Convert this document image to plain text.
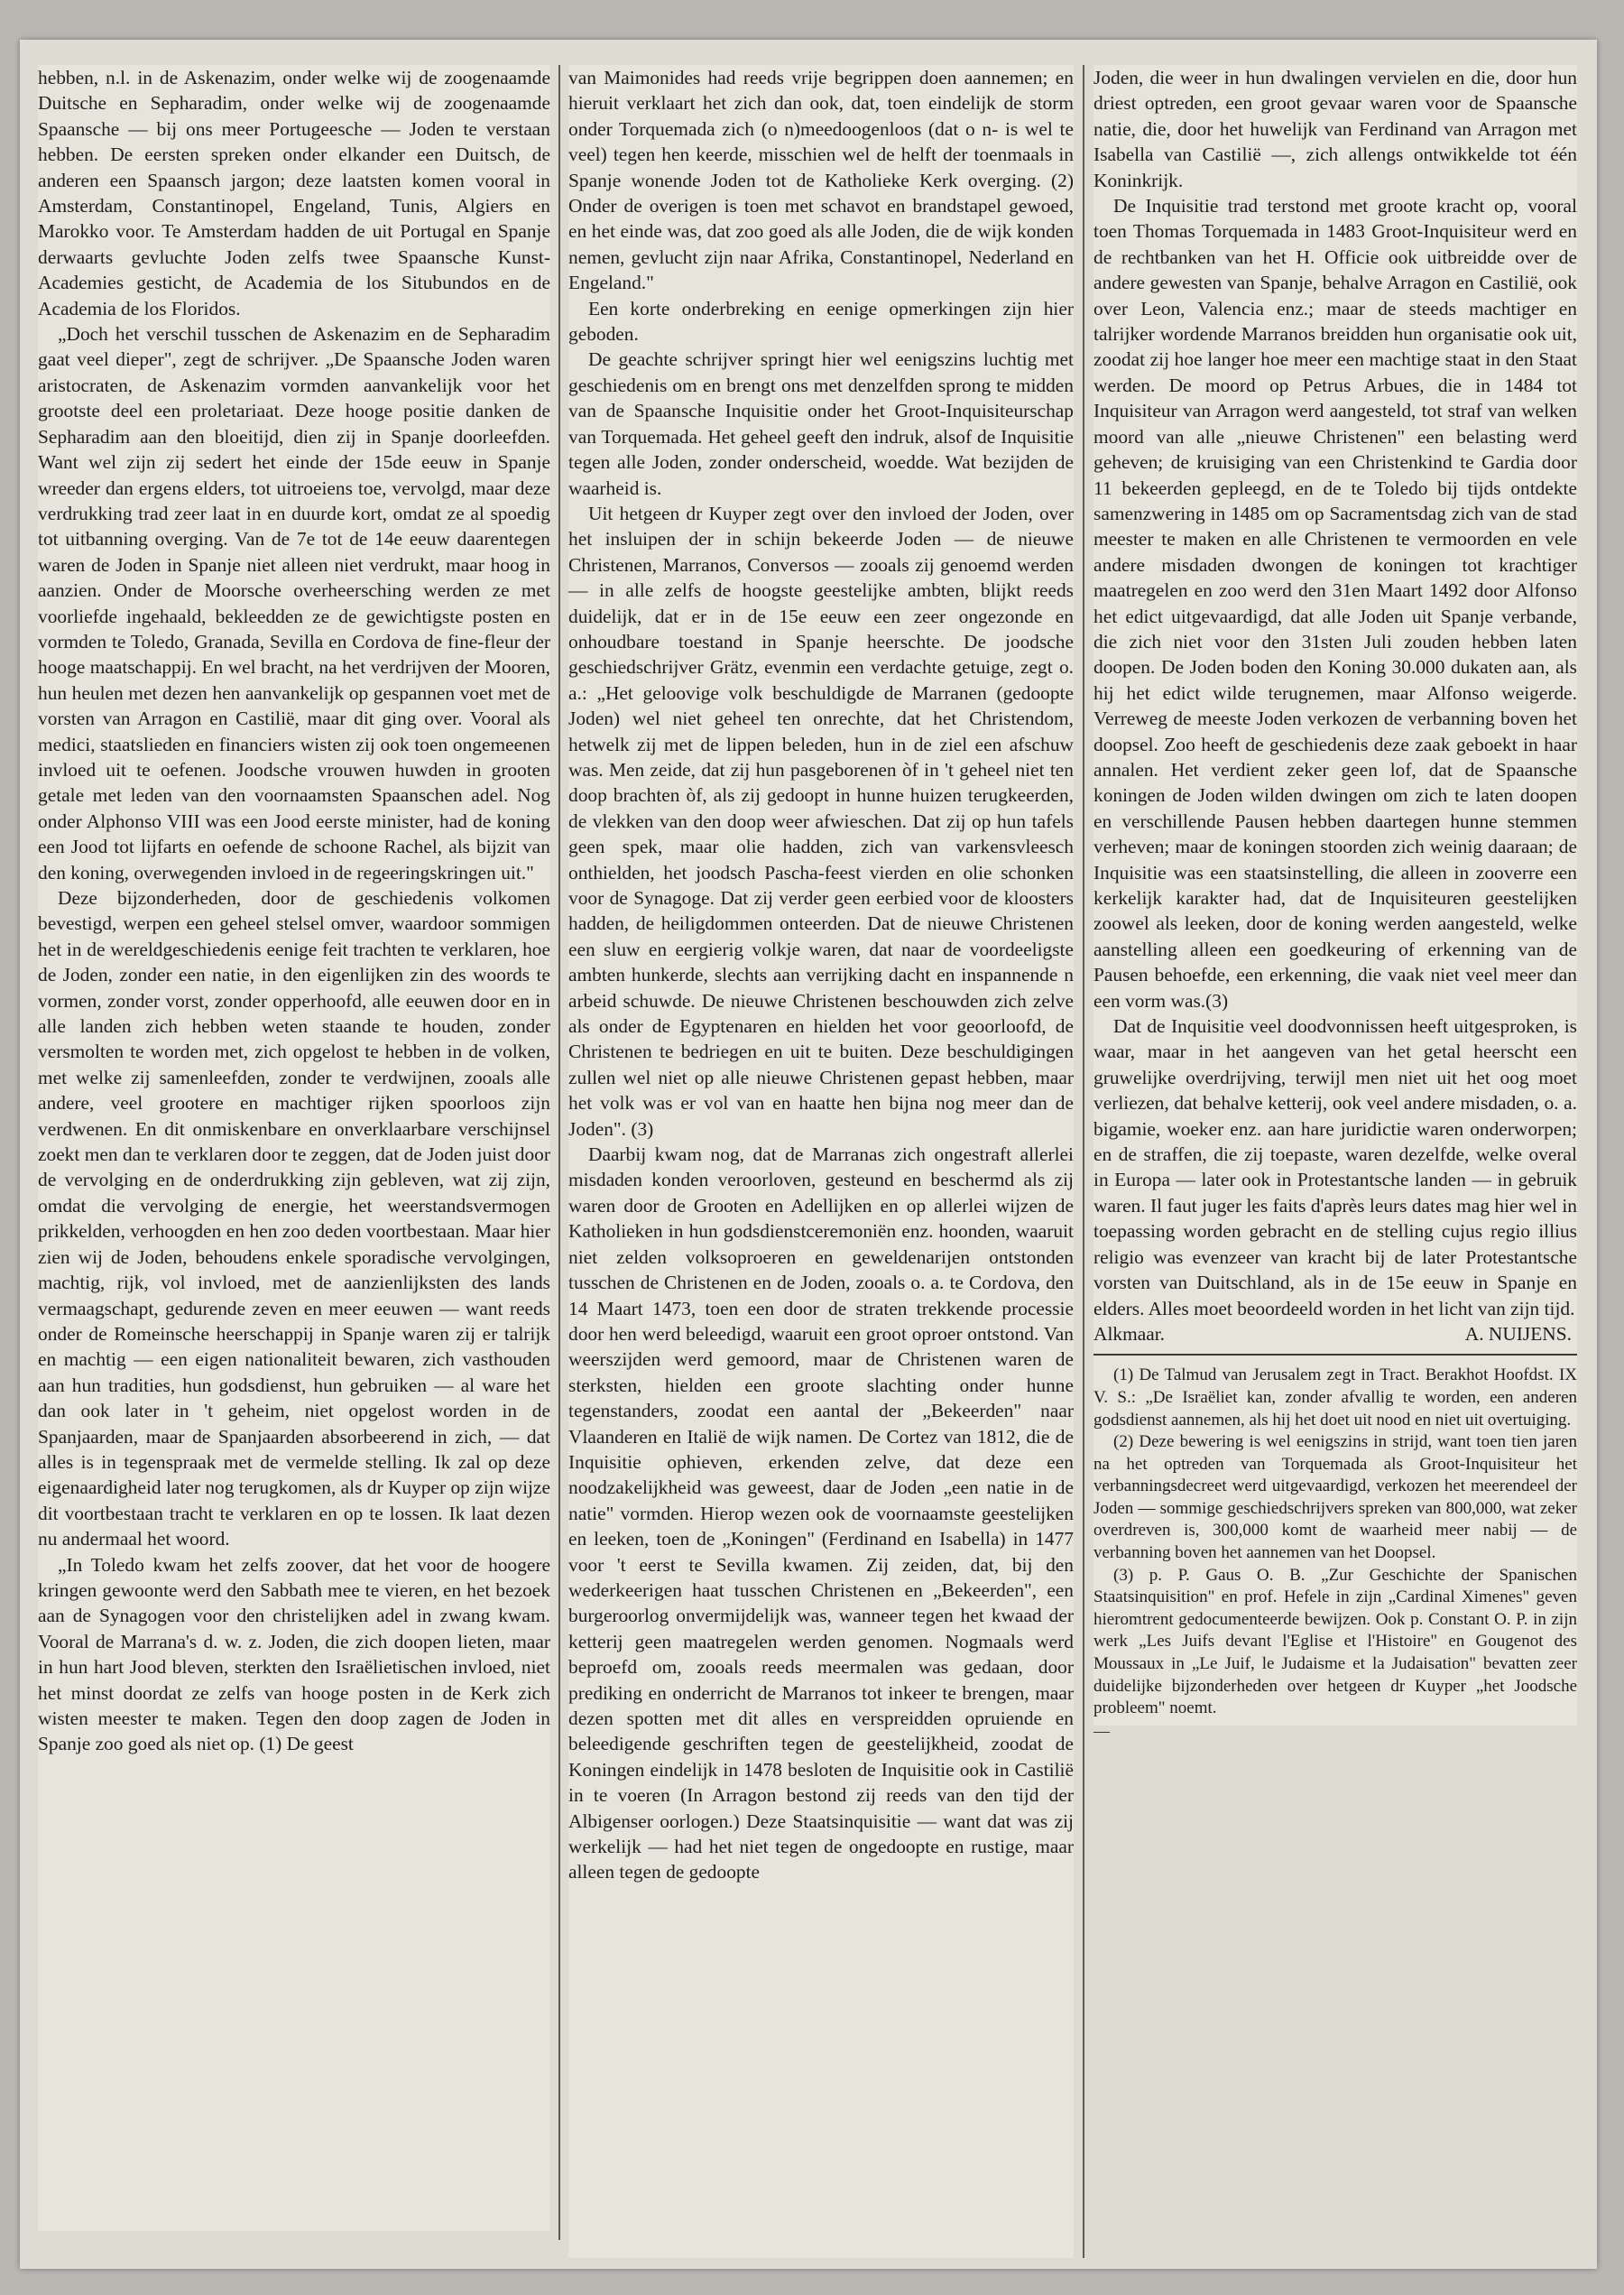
hebben, n.l. in de Askenazim, onder welke wij de zoogenaamde Duitsche en Sepharadim, onder welke wij de zoogenaamde Spaansche — bij ons meer Portugeesche — Joden te verstaan hebben. De eersten spreken onder elkander een Duitsch, de anderen een Spaansch jargon; deze laatsten komen vooral in Amsterdam, Constantinopel, Engeland, Tunis, Algiers en Marokko voor. Te Amsterdam hadden de uit Portugal en Spanje derwaarts gevluchte Joden zelfs twee Spaansche Kunst-Academies gesticht, de Academia de los Situbundos en de Academia de los Floridos.

„Doch het verschil tusschen de Askenazim en de Sepharadim gaat veel dieper", zegt de schrijver. „De Spaansche Joden waren aristocraten, de Askenazim vormden aanvankelijk voor het grootste deel een proletariaat. Deze hooge positie danken de Sepharadim aan den bloeitijd, dien zij in Spanje doorleefden. Want wel zijn zij sedert het einde der 15de eeuw in Spanje wreeder dan ergens elders, tot uitroeiens toe, vervolgd, maar deze verdrukking trad zeer laat in en duurde kort, omdat ze al spoedig tot uitbanning overging. Van de 7e tot de 14e eeuw daarentegen waren de Joden in Spanje niet alleen niet verdrukt, maar hoog in aanzien. Onder de Moorsche overheersching werden ze met voorliefde ingehaald, bekleedden ze de gewichtigste posten en vormden te Toledo, Granada, Sevilla en Cordova de fine-fleur der hooge maatschappij. En wel bracht, na het verdrijven der Mooren, hun heulen met dezen hen aanvankelijk op gespannen voet met de vorsten van Arragon en Castilië, maar dit ging over. Vooral als medici, staatslieden en financiers wisten zij ook toen ongemeenen invloed uit te oefenen. Joodsche vrouwen huwden in grooten getale met leden van den voornaamsten Spaanschen adel. Nog onder Alphonso VIII was een Jood eerste minister, had de koning een Jood tot lijfarts en oefende de schoone Rachel, als bijzit van den koning, overwegenden invloed in de regeeringskringen uit."

Deze bijzonderheden, door de geschiedenis volkomen bevestigd, werpen een geheel stelsel omver, waardoor sommigen het in de wereldgeschiedenis eenige feit trachten te verklaren, hoe de Joden, zonder een natie, in den eigenlijken zin des woords te vormen, zonder vorst, zonder opperhoofd, alle eeuwen door en in alle landen zich hebben weten staande te houden, zonder versmolten te worden met, zich opgelost te hebben in de volken, met welke zij samenleefden, zonder te verdwijnen, zooals alle andere, veel grootere en machtiger rijken spoorloos zijn verdwenen. En dit onmiskenbare en onverklaarbare verschijnsel zoekt men dan te verklaren door te zeggen, dat de Joden juist door de vervolging en de onderdrukking zijn gebleven, wat zij zijn, omdat die vervolging de energie, het weerstandsvermogen prikkelden, verhoogden en hen zoo deden voortbestaan. Maar hier zien wij de Joden, behoudens enkele sporadische vervolgingen, machtig, rijk, vol invloed, met de aanzienlijksten des lands vermaagschapt, gedurende zeven en meer eeuwen — want reeds onder de Romeinsche heerschappij in Spanje waren zij er talrijk en machtig — een eigen nationaliteit bewaren, zich vasthouden aan hun tradities, hun godsdienst, hun gebruiken — al ware het dan ook later in 't geheim, niet opgelost worden in de Spanjaarden, maar de Spanjaarden absorbeerend in zich, — dat alles is in tegenspraak met de vermelde stelling. Ik zal op deze eigenaardigheid later nog terugkomen, als dr Kuyper op zijn wijze dit voortbestaan tracht te verklaren en op te lossen. Ik laat dezen nu andermaal het woord.

„In Toledo kwam het zelfs zoover, dat het voor de hoogere kringen gewoonte werd den Sabbath mee te vieren, en het bezoek aan de Synagogen voor den christelijken adel in zwang kwam. Vooral de Marrana's d. w. z. Joden, die zich doopen lieten, maar in hun hart Jood bleven, sterkten den Israëlietischen invloed, niet het minst doordat ze zelfs van hooge posten in de Kerk zich wisten meester te maken. Tegen den doop zagen de Joden in Spanje zoo goed als niet op. (1) De geest

van Maimonides had reeds vrije begrippen doen aannemen; en hieruit verklaart het zich dan ook, dat, toen eindelijk de storm onder Torquemada zich (o n)meedoogenloos (dat o n- is wel te veel) tegen hen keerde, misschien wel de helft der toenmaals in Spanje wonende Joden tot de Katholieke Kerk overging. (2) Onder de overigen is toen met schavot en brandstapel gewoed, en het einde was, dat zoo goed als alle Joden, die de wijk konden nemen, gevlucht zijn naar Afrika, Constantinopel, Nederland en Engeland."

Een korte onderbreking en eenige opmerkingen zijn hier geboden.

De geachte schrijver springt hier wel eenigszins luchtig met geschiedenis om en brengt ons met denzelfden sprong te midden van de Spaansche Inquisitie onder het Groot-Inquisiteurschap van Torquemada. Het geheel geeft den indruk, alsof de Inquisitie tegen alle Joden, zonder onderscheid, woedde. Wat bezijden de waarheid is.

Uit hetgeen dr Kuyper zegt over den invloed der Joden, over het insluipen der in schijn bekeerde Joden — de nieuwe Christenen, Marranos, Conversos — zooals zij genoemd werden — in alle zelfs de hoogste geestelijke ambten, blijkt reeds duidelijk, dat er in de 15e eeuw een zeer ongezonde en onhoudbare toestand in Spanje heerschte. De joodsche geschiedschrijver Grätz, evenmin een verdachte getuige, zegt o. a.: „Het geloovige volk beschuldigde de Marranen (gedoopte Joden) wel niet geheel ten onrechte, dat het Christendom, hetwelk zij met de lippen beleden, hun in de ziel een afschuw was. Men zeide, dat zij hun pasgeborenen òf in 't geheel niet ten doop brachten òf, als zij gedoopt in hunne huizen terugkeerden, de vlekken van den doop weer afwieschen. Dat zij op hun tafels geen spek, maar olie hadden, zich van varkensvleesch onthielden, het joodsch Pascha-feest vierden en olie schonken voor de Synagoge. Dat zij verder geen eerbied voor de kloosters hadden, de heiligdommen onteerden. Dat de nieuwe Christenen een sluw en eergierig volkje waren, dat naar de voordeeligste ambten hunkerde, slechts aan verrijking dacht en inspannende n arbeid schuwde. De nieuwe Christenen beschouwden zich zelve als onder de Egyptenaren en hielden het voor geoorloofd, de Christenen te bedriegen en uit te buiten. Deze beschuldigingen zullen wel niet op alle nieuwe Christenen gepast hebben, maar het volk was er vol van en haatte hen bijna nog meer dan de Joden". (3)

Daarbij kwam nog, dat de Marranas zich ongestraft allerlei misdaden konden veroorloven, gesteund en beschermd als zij waren door de Grooten en Adellijken en op allerlei wijzen de Katholieken in hun godsdienstceremoniën enz. hoonden, waaruit niet zelden volksoproeren en geweldenarijen ontstonden tusschen de Christenen en de Joden, zooals o. a. te Cordova, den 14 Maart 1473, toen een door de straten trekkende processie door hen werd beleedigd, waaruit een groot oproer ontstond. Van weerszijden werd gemoord, maar de Christenen waren de sterksten, hielden een groote slachting onder hunne tegenstanders, zoodat een aantal der „Bekeerden" naar Vlaanderen en Italië de wijk namen. De Cortez van 1812, die de Inquisitie ophieven, erkenden zelve, dat deze een noodzakelijkheid was geweest, daar de Joden „een natie in de natie" vormden. Hierop wezen ook de voornaamste geestelijken en leeken, toen de „Koningen" (Ferdinand en Isabella) in 1477 voor 't eerst te Sevilla kwamen. Zij zeiden, dat, bij den wederkeerigen haat tusschen Christenen en „Bekeerden", een burgeroorlog onvermijdelijk was, wanneer tegen het kwaad der ketterij geen maatregelen werden genomen. Nogmaals werd beproefd om, zooals reeds meermalen was gedaan, door prediking en onderricht de Marranos tot inkeer te brengen, maar dezen spotten met dit alles en verspreidden opruiende en beleedigende geschriften tegen de geestelijkheid, zoodat de Koningen eindelijk in 1478 besloten de Inquisitie ook in Castilië in te voeren (In Arragon bestond zij reeds van den tijd der Albigenser oorlogen.) Deze Staatsinquisitie — want dat was zij werkelijk — had het niet tegen de ongedoopte en rustige, maar alleen tegen de gedoopte

Joden, die weer in hun dwalingen vervielen en die, door hun driest optreden, een groot gevaar waren voor de Spaansche natie, die, door het huwelijk van Ferdinand van Arragon met Isabella van Castilië —, zich allengs ontwikkelde tot één Koninkrijk.

De Inquisitie trad terstond met groote kracht op, vooral toen Thomas Torquemada in 1483 Groot-Inquisiteur werd en de rechtbanken van het H. Officie ook uitbreidde over de andere gewesten van Spanje, behalve Arragon en Castilië, ook over Leon, Valencia enz.; maar de steeds machtiger en talrijker wordende Marranos breidden hun organisatie ook uit, zoodat zij hoe langer hoe meer een machtige staat in den Staat werden. De moord op Petrus Arbues, die in 1484 tot Inquisiteur van Arragon werd aangesteld, tot straf van welken moord van alle „nieuwe Christenen" een belasting werd geheven; de kruisiging van een Christenkind te Gardia door 11 bekeerden gepleegd, en de te Toledo bij tijds ontdekte samenzwering in 1485 om op Sacramentsdag zich van de stad meester te maken en alle Christenen te vermoorden en vele andere misdaden dwongen de koningen tot krachtiger maatregelen en zoo werd den 31en Maart 1492 door Alfonso het edict uitgevaardigd, dat alle Joden uit Spanje verbande, die zich niet voor den 31sten Juli zouden hebben laten doopen. De Joden boden den Koning 30.000 dukaten aan, als hij het edict wilde terugnemen, maar Alfonso weigerde. Verreweg de meeste Joden verkozen de verbanning boven het doopsel. Zoo heeft de geschiedenis deze zaak geboekt in haar annalen. Het verdient zeker geen lof, dat de Spaansche koningen de Joden wilden dwingen om zich te laten doopen en verschillende Pausen hebben daartegen hunne stemmen verheven; maar de koningen stoorden zich weinig daaraan; de Inquisitie was een staatsinstelling, die alleen in zooverre een kerkelijk karakter had, dat de Inquisiteuren geestelijken zoowel als leeken, door de koning werden aangesteld, welke aanstelling alleen een goedkeuring of erkenning van de Pausen behoefde, een erkenning, die vaak niet veel meer dan een vorm was.(3)

Dat de Inquisitie veel doodvonnissen heeft uitgesproken, is waar, maar in het aangeven van het getal heerscht een gruwelijke overdrijving, terwijl men niet uit het oog moet verliezen, dat behalve ketterij, ook veel andere misdaden, o. a. bigamie, woeker enz. aan hare juridictie waren onderworpen; en de straffen, die zij toepaste, waren dezelfde, welke overal in Europa — later ook in Protestantsche landen — in gebruik waren. Il faut juger les faits d'après leurs dates mag hier wel in toepassing worden gebracht en de stelling cujus regio illius religio was evenzeer van kracht bij de later Protestantsche vorsten van Duitschland, als in de 15e eeuw in Spanje en elders. Alles moet beoordeeld worden in het licht van zijn tijd.

Alkmaar.	A. NUIJENS.

(1) De Talmud van Jerusalem zegt in Tract. Berakhot Hoofdst. IX V. S.: „De Israëliet kan, zonder afvallig te worden, een anderen godsdienst aannemen, als hij het doet uit nood en niet uit overtuiging.

(2) Deze bewering is wel eenigszins in strijd, want toen tien jaren na het optreden van Torquemada als Groot-Inquisiteur het verbanningsdecreet werd uitgevaardigd, verkozen het meerendeel der Joden — sommige geschiedschrijvers spreken van 800,000, wat zeker overdreven is, 300,000 komt de waarheid meer nabij — de verbanning boven het aannemen van het Doopsel.

(3) p. P. Gaus O. B. „Zur Geschichte der Spanischen Staatsinquisition" en prof. Hefele in zijn „Cardinal Ximenes" geven hieromtrent gedocumenteerde bewijzen. Ook p. Constant O. P. in zijn werk „Les Juifs devant l'Eglise et l'Histoire" en Gougenot des Moussaux in „Le Juif, le Judaisme et la Judaisation" bevatten zeer duidelijke bijzonderheden over hetgeen dr Kuyper „het Joodsche probleem" noemt.

—
